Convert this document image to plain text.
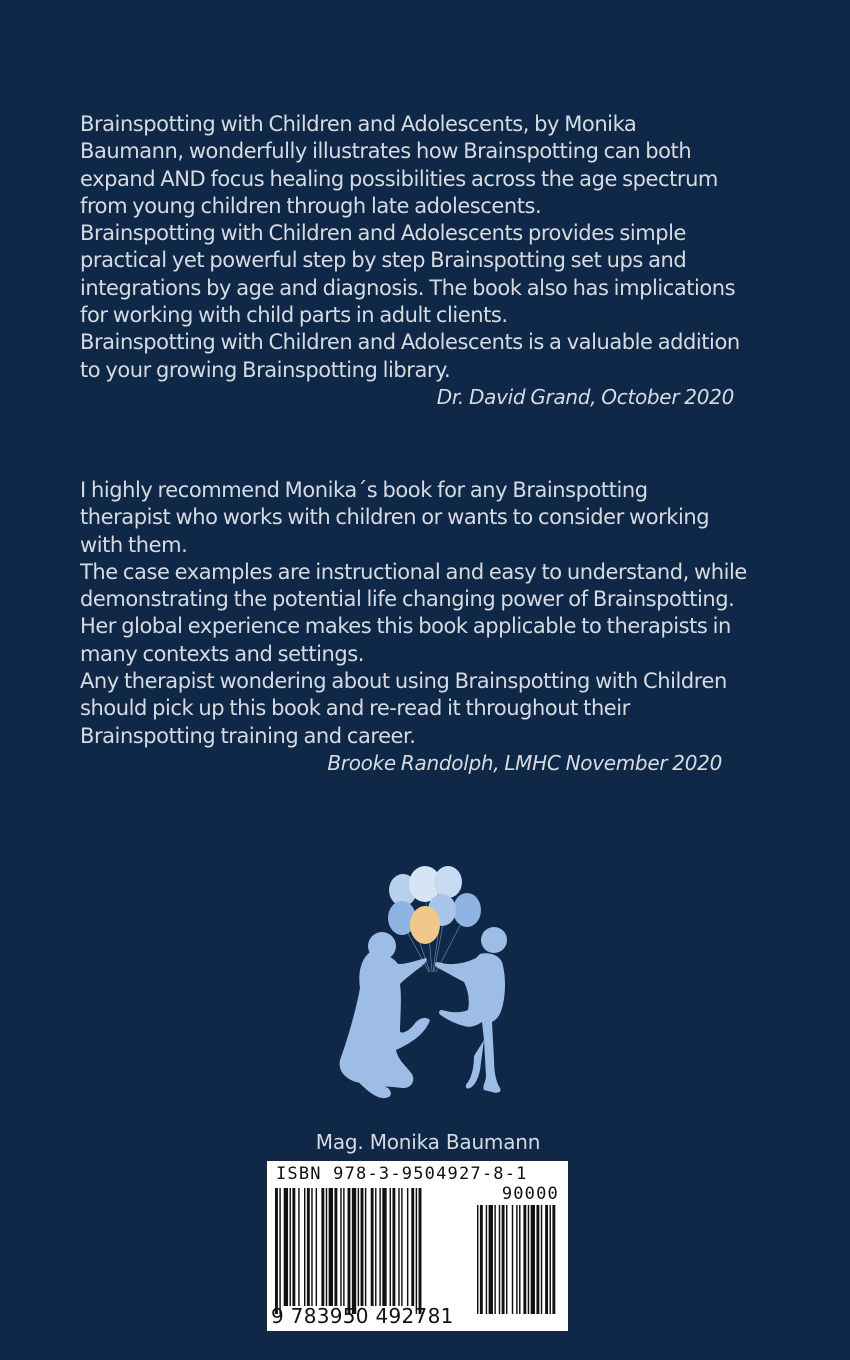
Brainspotting with Children and Adolescents, by Monika

Baumann, wonderfully illustrates how Brainspotting can both

expand AND focus healing possibilities across the age spectrum

from young children through late adolescents.

Brainspotting with Children and Adolescents provides simple

practical yet powerful step by step Brainspotting set ups and

integrations by age and diagnosis. The book also has implications

for working with child parts in adult clients.

Brainspotting with Children and Adolescents is a valuable addition

to your growing Brainspotting library.

Dr. David Grand, October 2020

I highly recommend Monika´s book for any Brainspotting

therapist who works with children or wants to consider working

with them.

The case examples are instructional and easy to understand, while

demonstrating the potential life changing power of Brainspotting.

Her global experience makes this book applicable to therapists in

many contexts and settings.

Any therapist wondering about using Brainspotting with Children

should pick up this book and re-read it throughout their

Brainspotting training and career.

Brooke Randolph, LMHC November 2020

Mag. Monika Baumann
ISBN 978-3-9504927-8-1
90000
9 783950 492781
